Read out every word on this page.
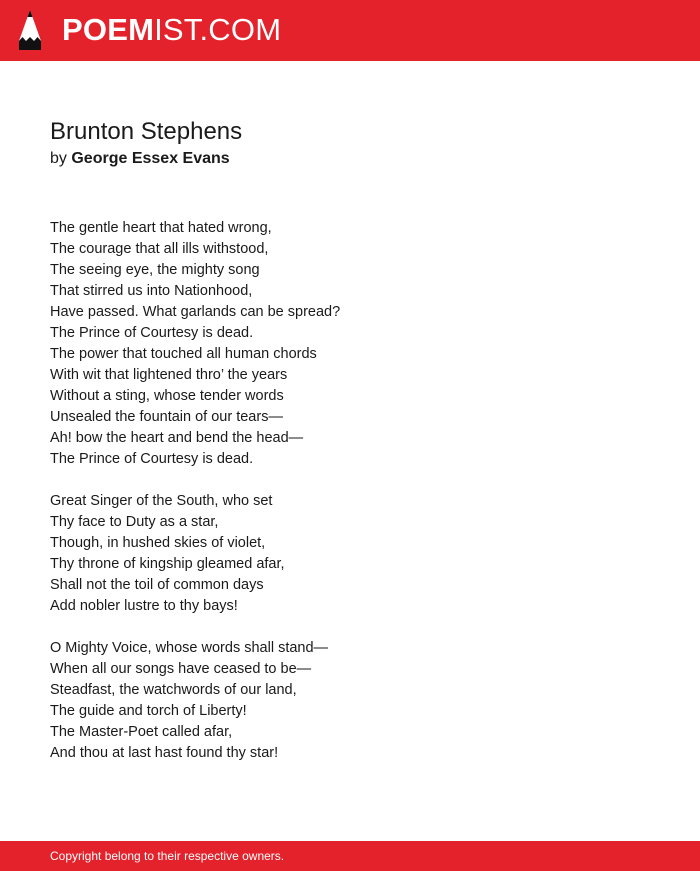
POEMIST.COM
Brunton Stephens
by George Essex Evans
The gentle heart that hated wrong,
The courage that all ills withstood,
The seeing eye, the mighty song
That stirred us into Nationhood,
Have passed. What garlands can be spread?
The Prince of Courtesy is dead.
The power that touched all human chords
With wit that lightened thro’ the years
Without a sting, whose tender words
Unsealed the fountain of our tears—
Ah! bow the heart and bend the head—
The Prince of Courtesy is dead.
Great Singer of the South, who set
Thy face to Duty as a star,
Though, in hushed skies of violet,
Thy throne of kingship gleamed afar,
Shall not the toil of common days
Add nobler lustre to thy bays!
O Mighty Voice, whose words shall stand—
When all our songs have ceased to be—
Steadfast, the watchwords of our land,
The guide and torch of Liberty!
The Master-Poet called afar,
And thou at last hast found thy star!
Copyright belong to their respective owners.
